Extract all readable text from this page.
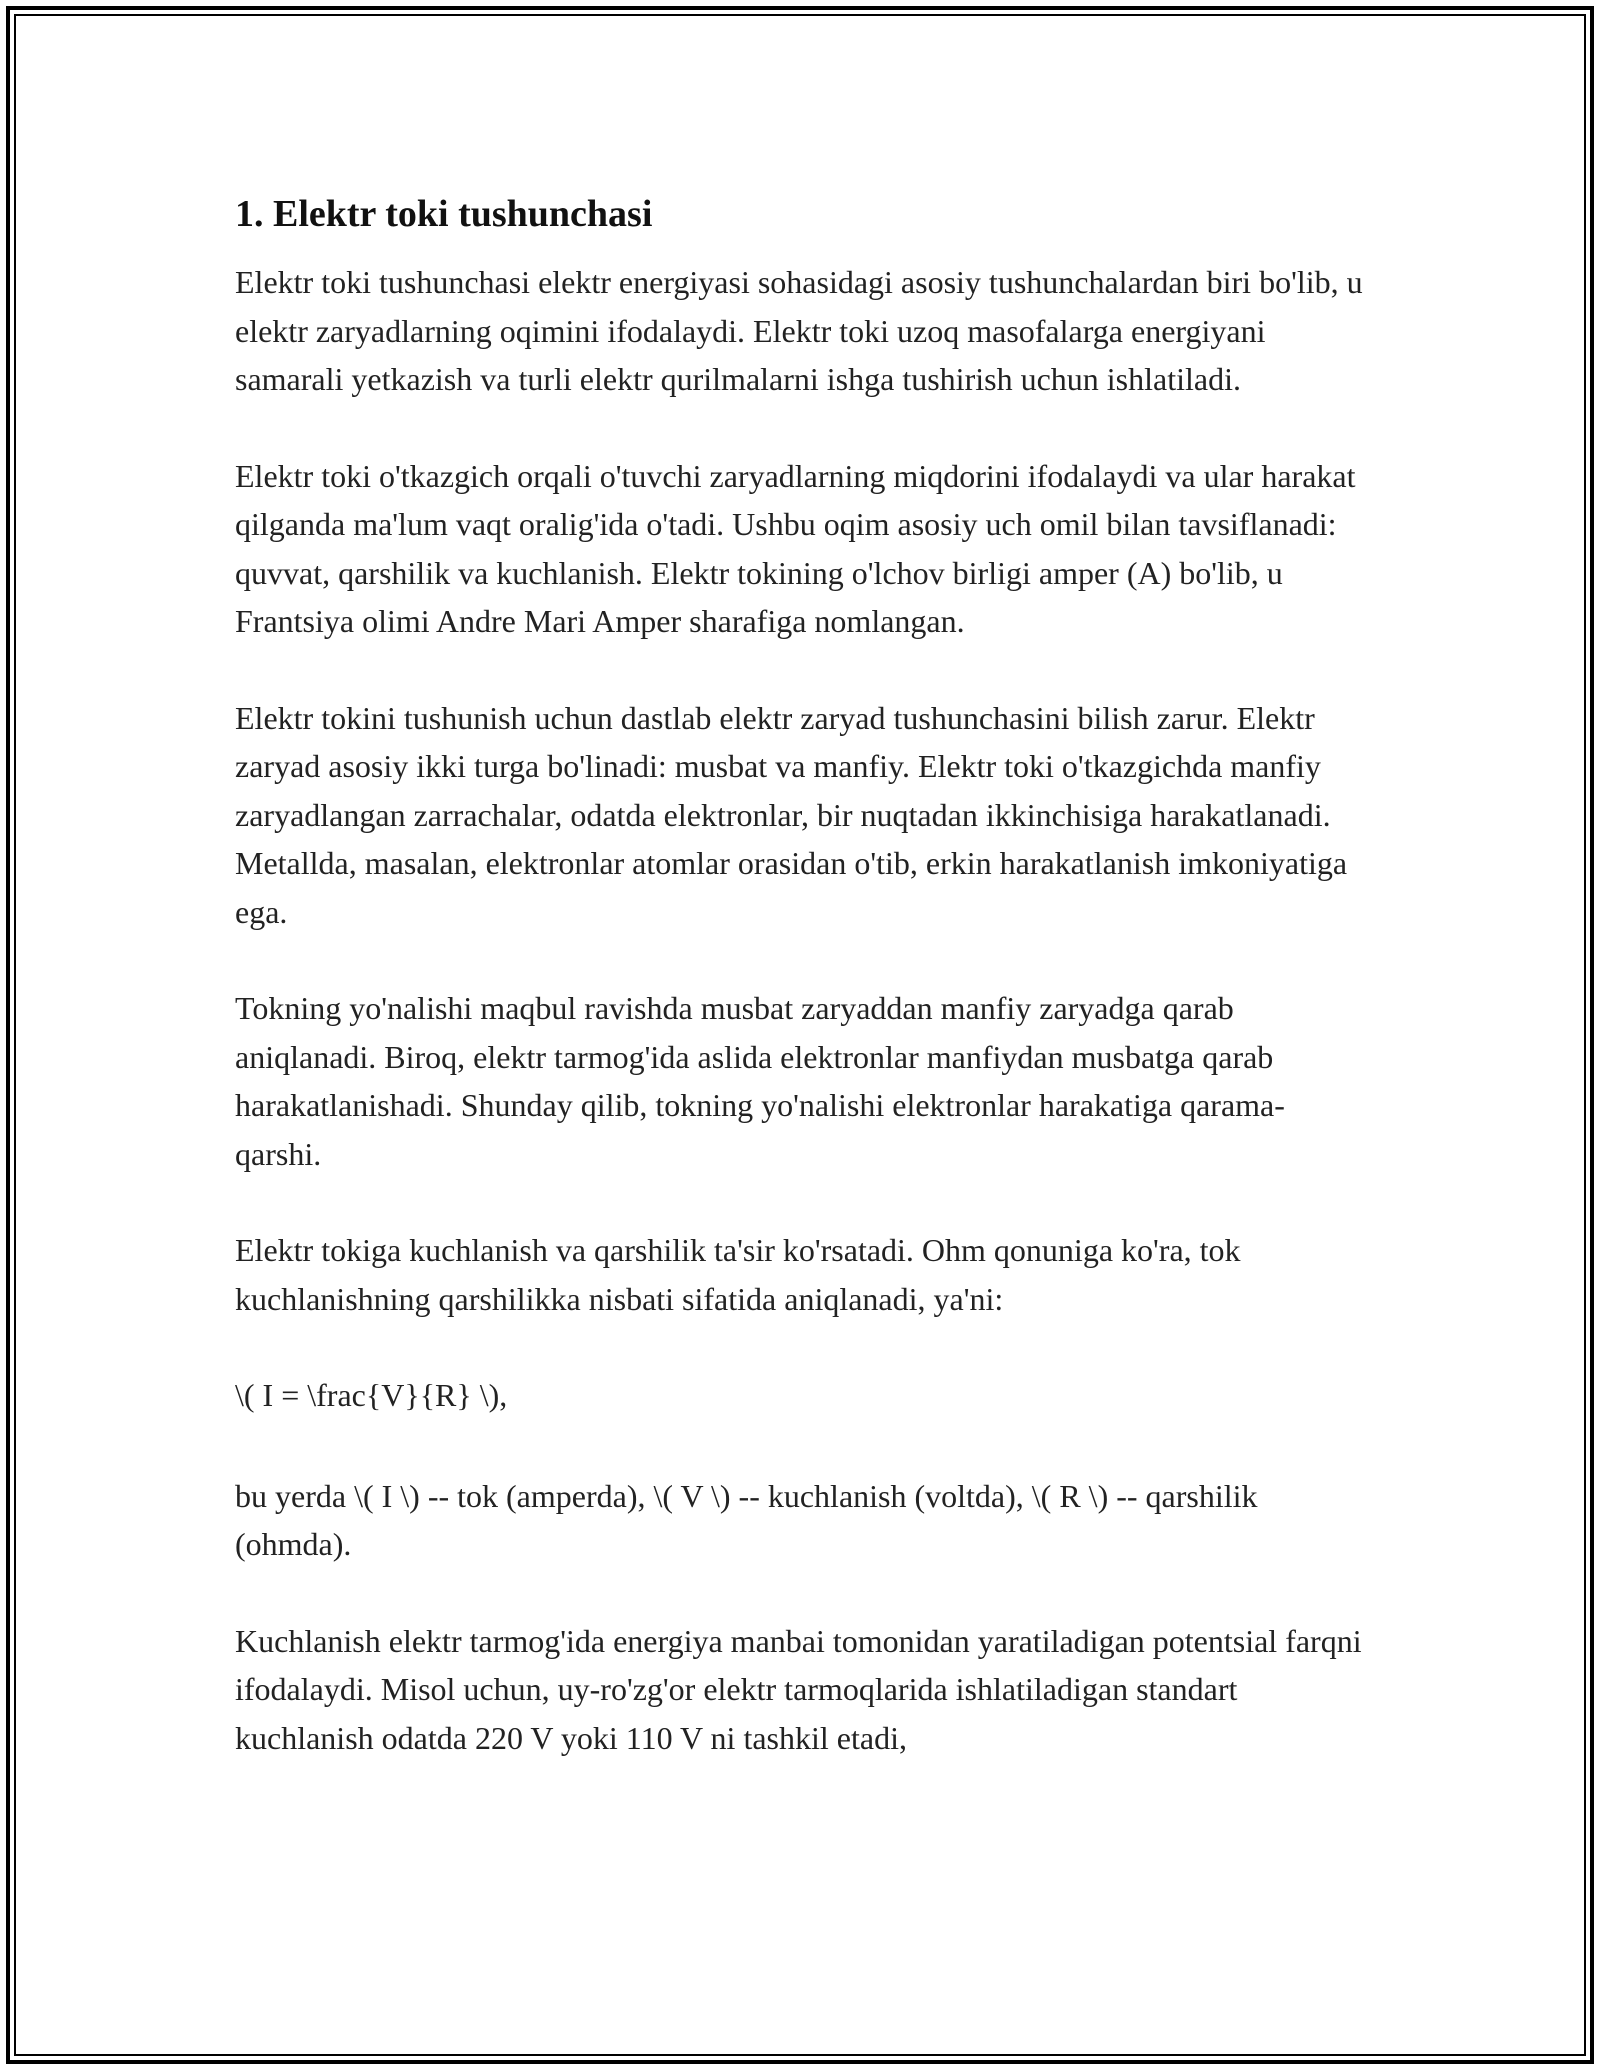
1. Elektr toki tushunchasi

Elektr toki tushunchasi elektr energiyasi sohasidagi asosiy tushunchalardan biri bo'lib, u elektr zaryadlarning oqimini ifodalaydi. Elektr toki uzoq masofalarga energiyani samarali yetkazish va turli elektr qurilmalarni ishga tushirish uchun ishlatiladi.

Elektr toki o'tkazgich orqali o'tuvchi zaryadlarning miqdorini ifodalaydi va ular harakat qilganda ma'lum vaqt oralig'ida o'tadi. Ushbu oqim asosiy uch omil bilan tavsiflanadi: quvvat, qarshilik va kuchlanish. Elektr tokining o'lchov birligi amper (A) bo'lib, u Frantsiya olimi Andre Mari Amper sharafiga nomlangan.

Elektr tokini tushunish uchun dastlab elektr zaryad tushunchasini bilish zarur. Elektr zaryad asosiy ikki turga bo'linadi: musbat va manfiy. Elektr toki o'tkazgichda manfiy zaryadlangan zarrachalar, odatda elektronlar, bir nuqtadan ikkinchisiga harakatlanadi. Metallda, masalan, elektronlar atomlar orasidan o'tib, erkin harakatlanish imkoniyatiga ega.

Tokning yo'nalishi maqbul ravishda musbat zaryaddan manfiy zaryadga qarab aniqlanadi. Biroq, elektr tarmog'ida aslida elektronlar manfiydan musbatga qarab harakatlanishadi. Shunday qilib, tokning yo'nalishi elektronlar harakatiga qarama-qarshi.

Elektr tokiga kuchlanish va qarshilik ta'sir ko'rsatadi. Ohm qonuniga ko'ra, tok kuchlanishning qarshilikka nisbati sifatida aniqlanadi, ya'ni:

\( I = \frac{V}{R} \),

bu yerda \( I \) -- tok (amperda), \( V \) -- kuchlanish (voltda), \( R \) -- qarshilik (ohmda).

Kuchlanish elektr tarmog'ida energiya manbai tomonidan yaratiladigan potentsial farqni ifodalaydi. Misol uchun, uy-ro'zg'or elektr tarmoqlarida ishlatiladigan standart kuchlanish odatda 220 V yoki 110 V ni tashkil etadi,
